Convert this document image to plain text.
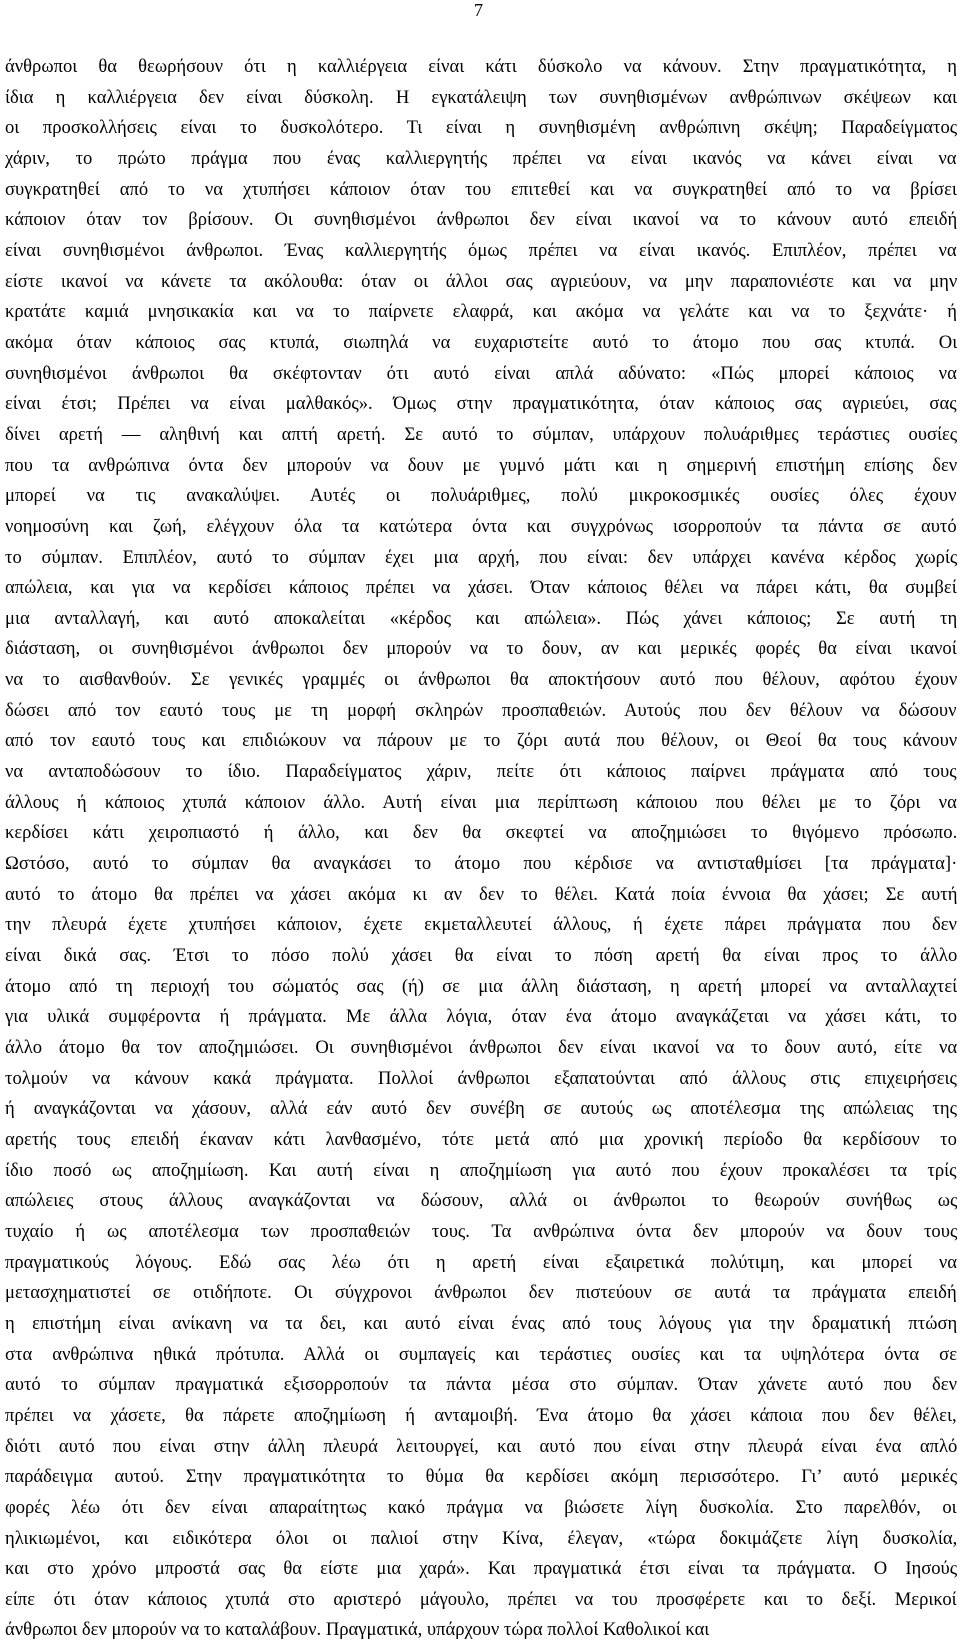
7
άνθρωποι θα θεωρήσουν ότι η καλλιέργεια είναι κάτι δύσκολο να κάνουν. Στην πραγματικότητα, η
ίδια η καλλιέργεια δεν είναι δύσκολη. Η εγκατάλειψη των συνηθισμένων ανθρώπινων σκέψεων και
οι προσκολλήσεις είναι το δυσκολότερο. Τι είναι η συνηθισμένη ανθρώπινη σκέψη; Παραδείγματος
χάριν, το πρώτο πράγμα που ένας καλλιεργητής πρέπει να είναι ικανός να κάνει είναι να
συγκρατηθεί από το να χτυπήσει κάποιον όταν του επιτεθεί και να συγκρατηθεί από το να βρίσει
κάποιον όταν τον βρίσουν. Οι συνηθισμένοι άνθρωποι δεν είναι ικανοί να το κάνουν αυτό επειδή
είναι συνηθισμένοι άνθρωποι. Ένας καλλιεργητής όμως πρέπει να είναι ικανός. Επιπλέον, πρέπει να
είστε ικανοί να κάνετε τα ακόλουθα: όταν οι άλλοι σας αγριεύουν, να μην παραπονιέστε και να μην
κρατάτε καμιά μνησικακία και να το παίρνετε ελαφρά, και ακόμα να γελάτε και να το ξεχνάτε· ή
ακόμα όταν κάποιος σας κτυπά, σιωπηλά να ευχαριστείτε αυτό το άτομο που σας κτυπά. Οι
συνηθισμένοι άνθρωποι θα σκέφτονταν ότι αυτό είναι απλά αδύνατο: «Πώς μπορεί κάποιος να
είναι έτσι; Πρέπει να είναι μαλθακός». Όμως στην πραγματικότητα, όταν κάποιος σας αγριεύει, σας
δίνει αρετή — αληθινή και απτή αρετή. Σε αυτό το σύμπαν, υπάρχουν πολυάριθμες τεράστιες ουσίες
που τα ανθρώπινα όντα δεν μπορούν να δουν με γυμνό μάτι και η σημερινή επιστήμη επίσης δεν
μπορεί να τις ανακαλύψει. Αυτές οι πολυάριθμες, πολύ μικροκοσμικές ουσίες όλες έχουν
νοημοσύνη και ζωή, ελέγχουν όλα τα κατώτερα όντα και συγχρόνως ισορροπούν τα πάντα σε αυτό
το σύμπαν. Επιπλέον, αυτό το σύμπαν έχει μια αρχή, που είναι: δεν υπάρχει κανένα κέρδος χωρίς
απώλεια, και για να κερδίσει κάποιος πρέπει να χάσει. Όταν κάποιος θέλει να πάρει κάτι, θα συμβεί
μια ανταλλαγή, και αυτό αποκαλείται «κέρδος και απώλεια». Πώς χάνει κάποιος; Σε αυτή τη
διάσταση, οι συνηθισμένοι άνθρωποι δεν μπορούν να το δουν, αν και μερικές φορές θα είναι ικανοί
να το αισθανθούν. Σε γενικές γραμμές οι άνθρωποι θα αποκτήσουν αυτό που θέλουν, αφότου έχουν
δώσει από τον εαυτό τους με τη μορφή σκληρών προσπαθειών. Αυτούς που δεν θέλουν να δώσουν
από τον εαυτό τους και επιδιώκουν να πάρουν με το ζόρι αυτά που θέλουν, οι Θεοί θα τους κάνουν
να ανταποδώσουν το ίδιο. Παραδείγματος χάριν, πείτε ότι κάποιος παίρνει πράγματα από τους
άλλους ή κάποιος χτυπά κάποιον άλλο. Αυτή είναι μια περίπτωση κάποιου που θέλει με το ζόρι να
κερδίσει κάτι χειροπιαστό ή άλλο, και δεν θα σκεφτεί να αποζημιώσει το θιγόμενο πρόσωπο.
Ωστόσο, αυτό το σύμπαν θα αναγκάσει το άτομο που κέρδισε να αντισταθμίσει [τα πράγματα]·
αυτό το άτομο θα πρέπει να χάσει ακόμα κι αν δεν το θέλει. Κατά ποία έννοια θα χάσει; Σε αυτή
την πλευρά έχετε χτυπήσει κάποιον, έχετε εκμεταλλευτεί άλλους, ή έχετε πάρει πράγματα που δεν
είναι δικά σας. Έτσι το πόσο πολύ χάσει θα είναι το πόση αρετή θα είναι προς το άλλο
άτομο από τη περιοχή του σώματός σας (ή) σε μια άλλη διάσταση, η αρετή μπορεί να ανταλλαχτεί
για υλικά συμφέροντα ή πράγματα. Με άλλα λόγια, όταν ένα άτομο αναγκάζεται να χάσει κάτι, το
άλλο άτομο θα τον αποζημιώσει. Οι συνηθισμένοι άνθρωποι δεν είναι ικανοί να το δουν αυτό, είτε να
τολμούν να κάνουν κακά πράγματα. Πολλοί άνθρωποι εξαπατούνται από άλλους στις επιχειρήσεις
ή αναγκάζονται να χάσουν, αλλά εάν αυτό δεν συνέβη σε αυτούς ως αποτέλεσμα της απώλειας της
αρετής τους επειδή έκαναν κάτι λανθασμένο, τότε μετά από μια χρονική περίοδο θα κερδίσουν το
ίδιο ποσό ως αποζημίωση. Και αυτή είναι η αποζημίωση για αυτό που έχουν προκαλέσει τα τρίς
απώλειες στους άλλους αναγκάζονται να δώσουν, αλλά οι άνθρωποι το θεωρούν συνήθως ως
τυχαίο ή ως αποτέλεσμα των προσπαθειών τους. Τα ανθρώπινα όντα δεν μπορούν να δουν τους
πραγματικούς λόγους. Εδώ σας λέω ότι η αρετή είναι εξαιρετικά πολύτιμη, και μπορεί να
μετασχηματιστεί σε οτιδήποτε. Οι σύγχρονοι άνθρωποι δεν πιστεύουν σε αυτά τα πράγματα επειδή
η επιστήμη είναι ανίκανη να τα δει, και αυτό είναι ένας από τους λόγους για την δραματική πτώση
στα ανθρώπινα ηθικά πρότυπα. Αλλά οι συμπαγείς και τεράστιες ουσίες και τα υψηλότερα όντα σε
αυτό το σύμπαν πραγματικά εξισορροπούν τα πάντα μέσα στο σύμπαν. Όταν χάνετε αυτό που δεν
πρέπει να χάσετε, θα πάρετε αποζημίωση ή ανταμοιβή. Ένα άτομο θα χάσει κάποια που δεν θέλει,
διότι αυτό που είναι στην άλλη πλευρά λειτουργεί, και αυτό που είναι στην πλευρά είναι ένα απλό
παράδειγμα αυτού. Στην πραγματικότητα το θύμα θα κερδίσει ακόμη περισσότερο. Γι’ αυτό μερικές
φορές λέω ότι δεν είναι απαραίτητως κακό πράγμα να βιώσετε λίγη δυσκολία. Στο παρελθόν, οι
ηλικιωμένοι, και ειδικότερα όλοι οι παλιοί στην Κίνα, έλεγαν, «τώρα δοκιμάζετε λίγη δυσκολία,
και στο χρόνο μπροστά σας θα είστε μια χαρά». Και πραγματικά έτσι είναι τα πράγματα. Ο Ιησούς
είπε ότι όταν κάποιος χτυπά στο αριστερό μάγουλο, πρέπει να του προσφέρετε και το δεξί. Μερικοί
άνθρωποι δεν μπορούν να το καταλάβουν. Πραγματικά, υπάρχουν τώρα πολλοί Καθολικοί και
